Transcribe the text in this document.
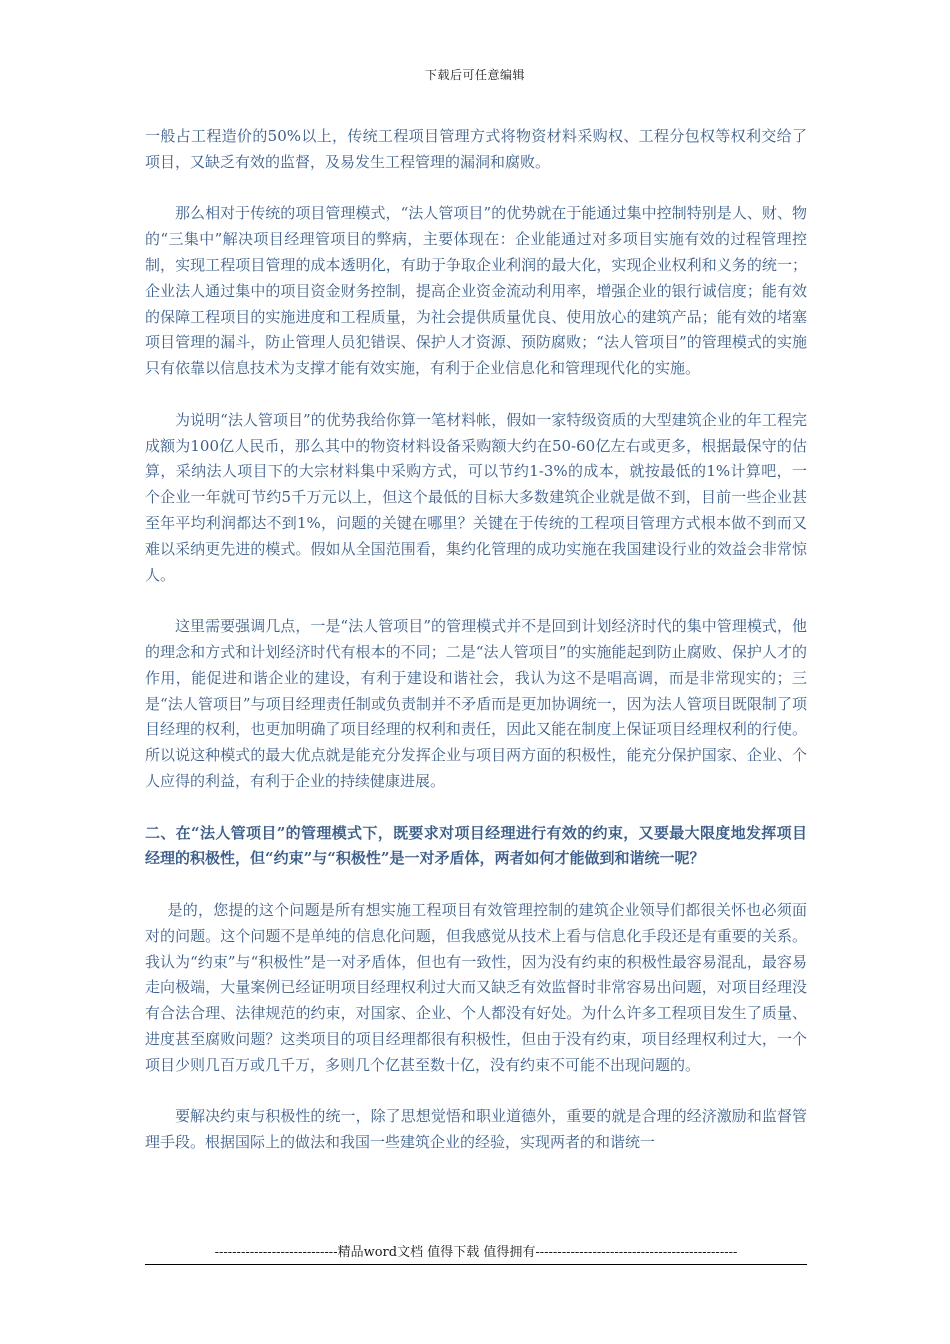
下载后可任意编辑

一般占工程造价的50%以上，传统工程项目管理方式将物资材料采购权、工程分包权等权利交给了项目，又缺乏有效的监督，及易发生工程管理的漏洞和腐败。

那么相对于传统的项目管理模式，“法人管项目”的优势就在于能通过集中控制特别是人、财、物的“三集中”解决项目经理管项目的弊病，主要体现在：企业能通过对多项目实施有效的过程管理控制，实现工程项目管理的成本透明化，有助于争取企业利润的最大化，实现企业权利和义务的统一；企业法人通过集中的项目资金财务控制，提高企业资金流动利用率，增强企业的银行诚信度；能有效的保障工程项目的实施进度和工程质量，为社会提供质量优良、使用放心的建筑产品；能有效的堵塞项目管理的漏斗，防止管理人员犯错误、保护人才资源、预防腐败；“法人管项目”的管理模式的实施只有依靠以信息技术为支撑才能有效实施，有利于企业信息化和管理现代化的实施。

为说明“法人管项目”的优势我给你算一笔材料帐，假如一家特级资质的大型建筑企业的年工程完成额为100亿人民币，那么其中的物资材料设备采购额大约在50-60亿左右或更多，根据最保守的估算，采纳法人项目下的大宗材料集中采购方式，可以节约1-3%的成本，就按最低的1%计算吧，一个企业一年就可节约5千万元以上，但这个最低的目标大多数建筑企业就是做不到，目前一些企业甚至年平均利润都达不到1%，问题的关键在哪里？关键在于传统的工程项目管理方式根本做不到而又难以采纳更先进的模式。假如从全国范围看，集约化管理的成功实施在我国建设行业的效益会非常惊人。

这里需要强调几点，一是“法人管项目”的管理模式并不是回到计划经济时代的集中管理模式，他的理念和方式和计划经济时代有根本的不同；二是“法人管项目”的实施能起到防止腐败、保护人才的作用，能促进和谐企业的建设，有利于建设和谐社会，我认为这不是唱高调，而是非常现实的；三是“法人管项目”与项目经理责任制或负责制并不矛盾而是更加协调统一，因为法人管项目既限制了项目经理的权利，也更加明确了项目经理的权利和责任，因此又能在制度上保证项目经理权利的行使。所以说这种模式的最大优点就是能充分发挥企业与项目两方面的积极性，能充分保护国家、企业、个人应得的利益，有利于企业的持续健康进展。

二、在“法人管项目”的管理模式下，既要求对项目经理进行有效的约束，又要最大限度地发挥项目经理的积极性，但“约束”与“积极性”是一对矛盾体，两者如何才能做到和谐统一呢？

是的，您提的这个问题是所有想实施工程项目有效管理控制的建筑企业领导们都很关怀也必须面对的问题。这个问题不是单纯的信息化问题，但我感觉从技术上看与信息化手段还是有重要的关系。我认为“约束”与“积极性”是一对矛盾体，但也有一致性，因为没有约束的积极性最容易混乱，最容易走向极端，大量案例已经证明项目经理权利过大而又缺乏有效监督时非常容易出问题，对项目经理没有合法合理、法律规范的约束，对国家、企业、个人都没有好处。为什么许多工程项目发生了质量、进度甚至腐败问题？这类项目的项目经理都很有积极性，但由于没有约束，项目经理权利过大，一个项目少则几百万或几千万，多则几个亿甚至数十亿，没有约束不可能不出现问题的。

要解决约束与积极性的统一，除了思想觉悟和职业道德外，重要的就是合理的经济激励和监督管理手段。根据国际上的做法和我国一些建筑企业的经验，实现两者的和谐统一

----------------------------精品word文档 值得下载 值得拥有----------------------------------------------
